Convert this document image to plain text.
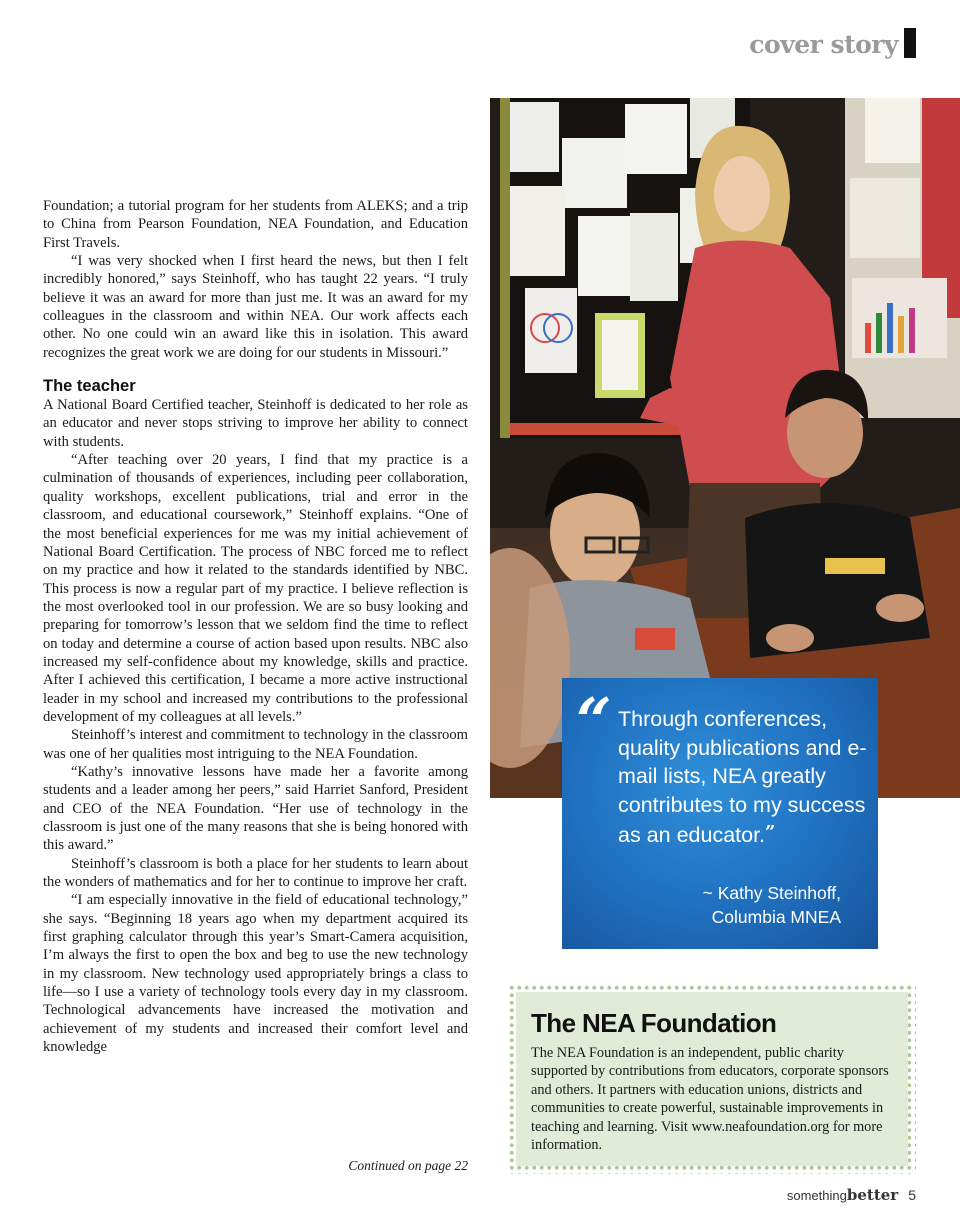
cover story

Foundation; a tutorial program for her students from ALEKS; and a trip to China from Pearson Foundation, NEA Foundation, and Education First Travels.

“I was very shocked when I first heard the news, but then I felt incredibly honored,” says Steinhoff, who has taught 22 years. “I truly believe it was an award for more than just me. It was an award for my colleagues in the classroom and within NEA. Our work affects each other. No one could win an award like this in isolation. This award recognizes the great work we are doing for our students in Missouri.”

The teacher

A National Board Certified teacher, Steinhoff is dedicated to her role as an educator and never stops striving to improve her ability to connect with students.

“After teaching over 20 years, I find that my practice is a culmination of thousands of experiences, including peer collaboration, quality workshops, excellent publications, trial and error in the classroom, and educational coursework,” Steinhoff explains. “One of the most beneficial experiences for me was my initial achievement of National Board Certification. The process of NBC forced me to reflect on my practice and how it related to the standards identified by NBC. This process is now a regular part of my practice. I believe reflection is the most overlooked tool in our profession. We are so busy looking and preparing for tomorrow’s lesson that we seldom find the time to reflect on today and determine a course of action based upon results. NBC also increased my self-confidence about my knowledge, skills and practice. After I achieved this certification, I became a more active instructional leader in my school and increased my contributions to the professional development of my colleagues at all levels.”

Steinhoff’s interest and commitment to technology in the classroom was one of her qualities most intriguing to the NEA Foundation.

“Kathy’s innovative lessons have made her a favorite among students and a leader among her peers,” said Harriet Sanford, President and CEO of the NEA Foundation. “Her use of technology in the classroom is just one of the many reasons that she is being honored with this award.”

Steinhoff’s classroom is both a place for her students to learn about the wonders of mathematics and for her to continue to improve her craft.

“I am especially innovative in the field of educational technology,” she says. “Beginning 18 years ago when my department acquired its first graphing calculator through this year’s Smart-Camera acquisition, I’m always the first to open the box and beg to use the new technology in my classroom. New technology used appropriately brings a class to life—so I use a variety of technology tools every day in my classroom. Technological advancements have increased the motivation and achievement of my students and increased their comfort level and knowledge

Continued on page 22
“ Through conferences, quality publications and e-mail lists, NEA greatly contributes to my success as an educator.”
~ Kathy Steinhoff,
Columbia MNEA
The NEA Foundation
The NEA Foundation is an independent, public charity supported by contributions from educators, corporate sponsors and others. It partners with education unions, districts and communities to create powerful, sustainable improvements in teaching and learning. Visit www.neafoundation.org for more information.
somethingbetter 5
